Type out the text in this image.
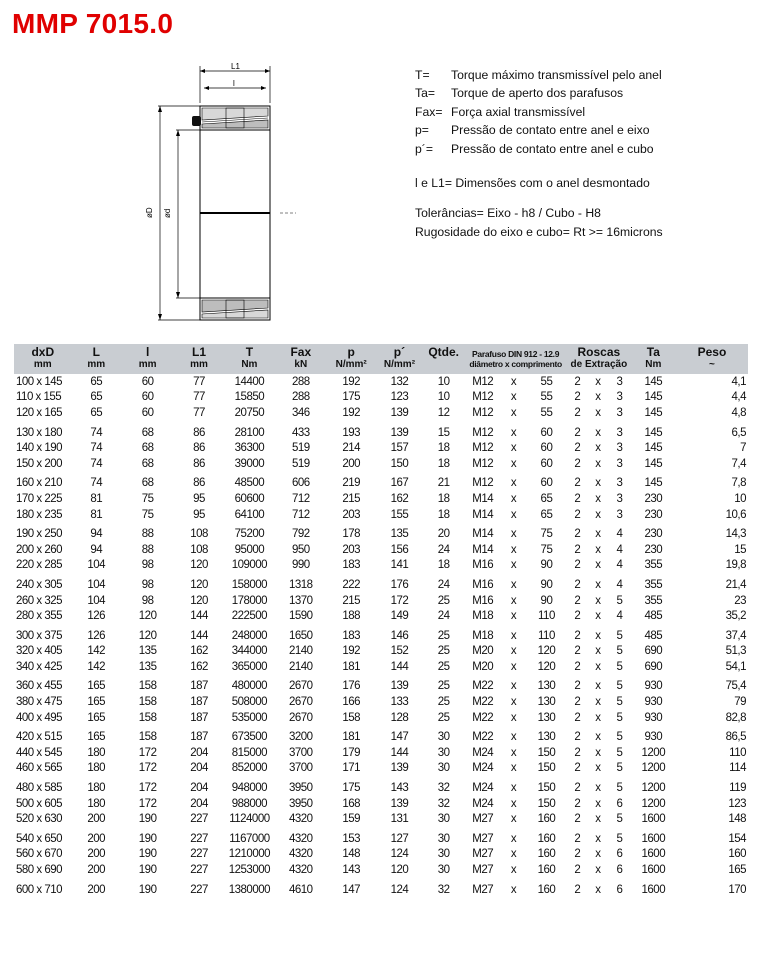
MMP 7015.0
L1
l
øD ød
T= Torque máximo transmissível pelo anel
Ta= Torque de aperto dos parafusos
Fax= Força axial transmissível
p= Pressão de contato entre anel e eixo
p´= Pressão de contato entre anel e cubo
l e L1= Dimensões com o anel desmontado
Tolerâncias= Eixo - h8 / Cubo - H8
Rugosidade do eixo e cubo= Rt >= 16microns
dxD	L	l	L1	T	Fax	p	p´	Qtde.	Parafuso DIN 912 - 12.9			Roscas			Ta	Peso
mm	mm	mm	mm	Nm	kN	N/mm²	N/mm²		diâmetro x comprimento			de Extração			Nm	~
100 x 145	65	60	77	14400	288	192	132	10	M12	x	55	2	x	3	145	4,1
110 x 155	65	60	77	15850	288	175	123	10	M12	x	55	2	x	3	145	4,4
120 x 165	65	60	77	20750	346	192	139	12	M12	x	55	2	x	3	145	4,8
130 x 180	74	68	86	28100	433	193	139	15	M12	x	60	2	x	3	145	6,5
140 x 190	74	68	86	36300	519	214	157	18	M12	x	60	2	x	3	145	7
150 x 200	74	68	86	39000	519	200	150	18	M12	x	60	2	x	3	145	7,4
160 x 210	74	68	86	48500	606	219	167	21	M12	x	60	2	x	3	145	7,8
170 x 225	81	75	95	60600	712	215	162	18	M14	x	65	2	x	3	230	10
180 x 235	81	75	95	64100	712	203	155	18	M14	x	65	2	x	3	230	10,6
190 x 250	94	88	108	75200	792	178	135	20	M14	x	75	2	x	4	230	14,3
200 x 260	94	88	108	95000	950	203	156	24	M14	x	75	2	x	4	230	15
220 x 285	104	98	120	109000	990	183	141	18	M16	x	90	2	x	4	355	19,8
240 x 305	104	98	120	158000	1318	222	176	24	M16	x	90	2	x	4	355	21,4
260 x 325	104	98	120	178000	1370	215	172	25	M16	x	90	2	x	5	355	23
280 x 355	126	120	144	222500	1590	188	149	24	M18	x	110	2	x	4	485	35,2
300 x 375	126	120	144	248000	1650	183	146	25	M18	x	110	2	x	5	485	37,4
320 x 405	142	135	162	344000	2140	192	152	25	M20	x	120	2	x	5	690	51,3
340 x 425	142	135	162	365000	2140	181	144	25	M20	x	120	2	x	5	690	54,1
360 x 455	165	158	187	480000	2670	176	139	25	M22	x	130	2	x	5	930	75,4
380 x 475	165	158	187	508000	2670	166	133	25	M22	x	130	2	x	5	930	79
400 x 495	165	158	187	535000	2670	158	128	25	M22	x	130	2	x	5	930	82,8
420 x 515	165	158	187	673500	3200	181	147	30	M22	x	130	2	x	5	930	86,5
440 x 545	180	172	204	815000	3700	179	144	30	M24	x	150	2	x	5	1200	110
460 x 565	180	172	204	852000	3700	171	139	30	M24	x	150	2	x	5	1200	114
480 x 585	180	172	204	948000	3950	175	143	32	M24	x	150	2	x	5	1200	119
500 x 605	180	172	204	988000	3950	168	139	32	M24	x	150	2	x	6	1200	123
520 x 630	200	190	227	1124000	4320	159	131	30	M27	x	160	2	x	5	1600	148
540 x 650	200	190	227	1167000	4320	153	127	30	M27	x	160	2	x	5	1600	154
560 x 670	200	190	227	1210000	4320	148	124	30	M27	x	160	2	x	6	1600	160
580 x 690	200	190	227	1253000	4320	143	120	30	M27	x	160	2	x	6	1600	165
600 x 710	200	190	227	1380000	4610	147	124	32	M27	x	160	2	x	6	1600	170
